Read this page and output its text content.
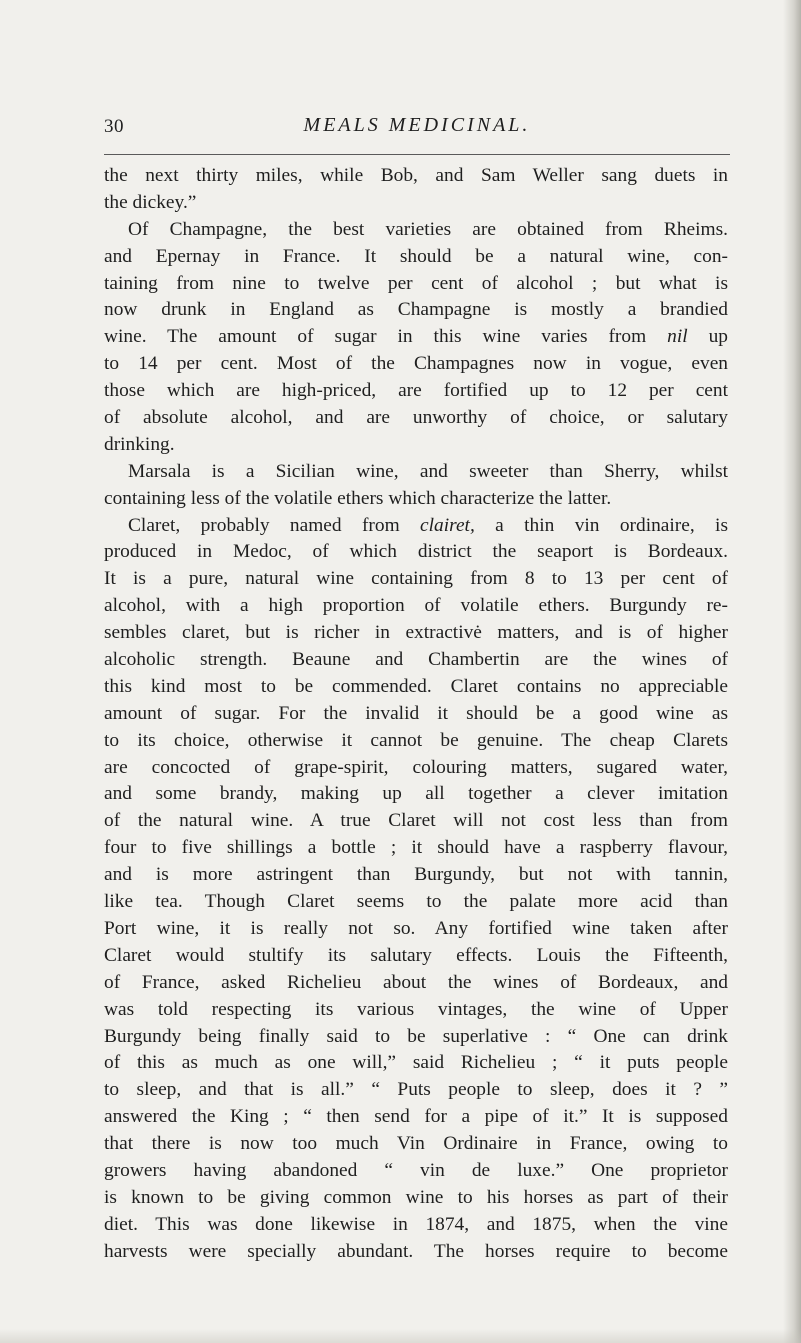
30	MEALS MEDICINAL.
the next thirty miles, while Bob, and Sam Weller sang duets in
the dickey.”
Of Champagne, the best varieties are obtained from Rheims.
and Epernay in France. It should be a natural wine, con-
taining from nine to twelve per cent of alcohol ; but what is
now drunk in England as Champagne is mostly a brandied
wine. The amount of sugar in this wine varies from nil up
to 14 per cent. Most of the Champagnes now in vogue, even
those which are high-priced, are fortified up to 12 per cent
of absolute alcohol, and are unworthy of choice, or salutary
drinking.
Marsala is a Sicilian wine, and sweeter than Sherry, whilst
containing less of the volatile ethers which characterize the latter.
Claret, probably named from clairet, a thin vin ordinaire, is
produced in Medoc, of which district the seaport is Bordeaux.
It is a pure, natural wine containing from 8 to 13 per cent of
alcohol, with a high proportion of volatile ethers. Burgundy re-
sembles claret, but is richer in extractivė matters, and is of higher
alcoholic strength. Beaune and Chambertin are the wines of
this kind most to be commended. Claret contains no appreciable
amount of sugar. For the invalid it should be a good wine as
to its choice, otherwise it cannot be genuine. The cheap Clarets
are concocted of grape-spirit, colouring matters, sugared water,
and some brandy, making up all together a clever imitation
of the natural wine. A true Claret will not cost less than from
four to five shillings a bottle ; it should have a raspberry flavour,
and is more astringent than Burgundy, but not with tannin,
like tea. Though Claret seems to the palate more acid than
Port wine, it is really not so. Any fortified wine taken after
Claret would stultify its salutary effects. Louis the Fifteenth,
of France, asked Richelieu about the wines of Bordeaux, and
was told respecting its various vintages, the wine of Upper
Burgundy being finally said to be superlative : “ One can drink
of this as much as one will,” said Richelieu ; “ it puts people
to sleep, and that is all.” “ Puts people to sleep, does it ? ”
answered the King ; “ then send for a pipe of it.” It is supposed
that there is now too much Vin Ordinaire in France, owing to
growers having abandoned “ vin de luxe.” One proprietor
is known to be giving common wine to his horses as part of their
diet. This was done likewise in 1874, and 1875, when the vine
harvests were specially abundant. The horses require to become
